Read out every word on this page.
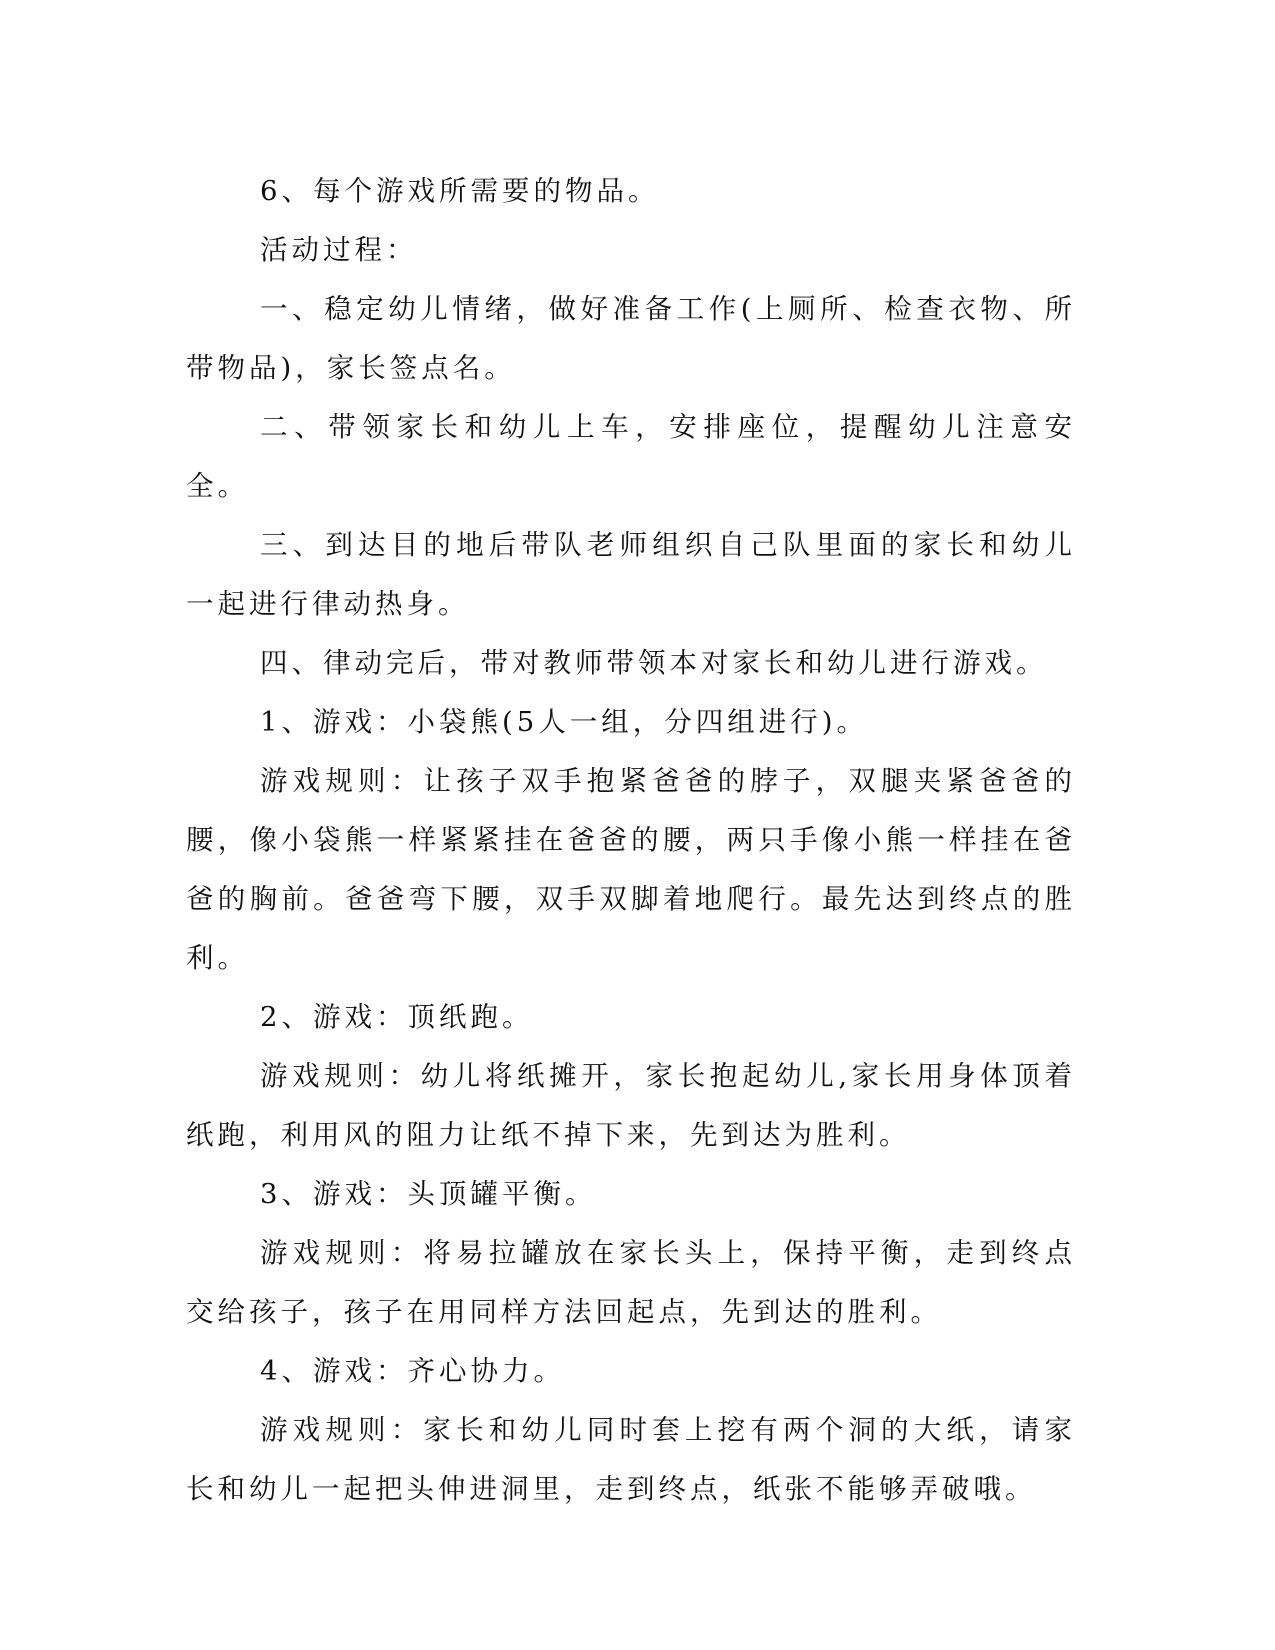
6、每个游戏所需要的物品。

活动过程：

一、稳定幼儿情绪，做好准备工作(上厕所、检查衣物、所带物品)，家长签点名。

二、带领家长和幼儿上车，安排座位，提醒幼儿注意安全。

三、到达目的地后带队老师组织自己队里面的家长和幼儿一起进行律动热身。

四、律动完后，带对教师带领本对家长和幼儿进行游戏。

1、游戏：小袋熊(5人一组，分四组进行)。

游戏规则：让孩子双手抱紧爸爸的脖子，双腿夹紧爸爸的腰，像小袋熊一样紧紧挂在爸爸的腰，两只手像小熊一样挂在爸爸的胸前。爸爸弯下腰，双手双脚着地爬行。最先达到终点的胜利。

2、游戏：顶纸跑。

游戏规则：幼儿将纸摊开，家长抱起幼儿,家长用身体顶着纸跑，利用风的阻力让纸不掉下来，先到达为胜利。

3、游戏：头顶罐平衡。

游戏规则：将易拉罐放在家长头上，保持平衡，走到终点交给孩子，孩子在用同样方法回起点，先到达的胜利。

4、游戏：齐心协力。

游戏规则：家长和幼儿同时套上挖有两个洞的大纸，请家长和幼儿一起把头伸进洞里，走到终点，纸张不能够弄破哦。
